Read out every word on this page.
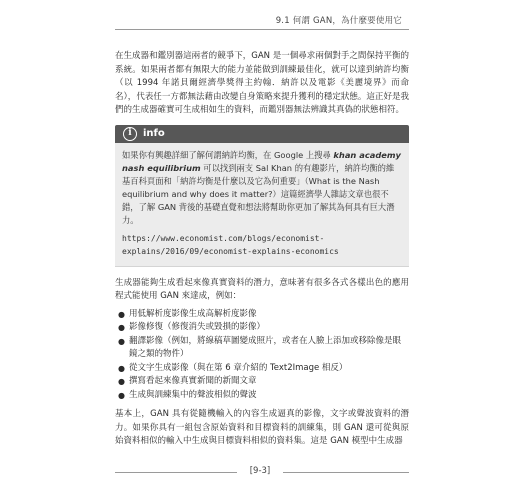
9.1 何謂 GAN，為什麼要使用它

在生成器和鑑別器這兩者的競爭下，GAN 是一個尋求兩個對手之間保持平衡的系統。如果兩者都有無限大的能力並能做到訓練最佳化，就可以達到納許均衡（以 1994 年諾貝爾經濟學獎得主約翰．納許以及電影《美麗境界》而命名），代表任一方都無法藉由改變自身策略來提升獲利的穩定狀態。這正好是我們的生成器確實可生成相如生的資料，而鑑別器無法辨識其真偽的狀態相符。

i	info

如果你有興趣詳細了解何謂納許均衡，在 Google 上搜尋 khan academy nash equilibrium 可以找到兩支 Sal Khan 的有趣影片，納許均衡的維基百科頁面和「納許均衡是什麼以及它為何重要」（What is the Nash equilibrium and why does it matter?）這篇經濟學人雜誌文章也很不錯，了解 GAN 背後的基礎直覺和想法將幫助你更加了解其為何具有巨大潛力。

https://www.economist.com/blogs/economist-explains/2016/09/economist-explains-economics

生成器能夠生成看起來像真實資料的潛力，意味著有很多各式各樣出色的應用程式能使用 GAN 來達成，例如：

● 用低解析度影像生成高解析度影像
● 影像修復（修復消失或毀損的影像）
● 翻譯影像（例如，將線稿草圖變成照片，或者在人臉上添加或移除像是眼鏡之類的物件）
● 從文字生成影像（與在第 6 章介紹的 Text2Image 相反）
● 撰寫看起來像真實新聞的新聞文章
● 生成與訓練集中的聲波相似的聲波

基本上，GAN 具有從隨機輸入的內容生成逼真的影像，文字或聲波資料的潛力。如果你具有一組包含原始資料和目標資料的訓練集，則 GAN 還可從與原始資料相似的輸入中生成與目標資料相似的資料集。這是 GAN 模型中生成器

[9-3]
